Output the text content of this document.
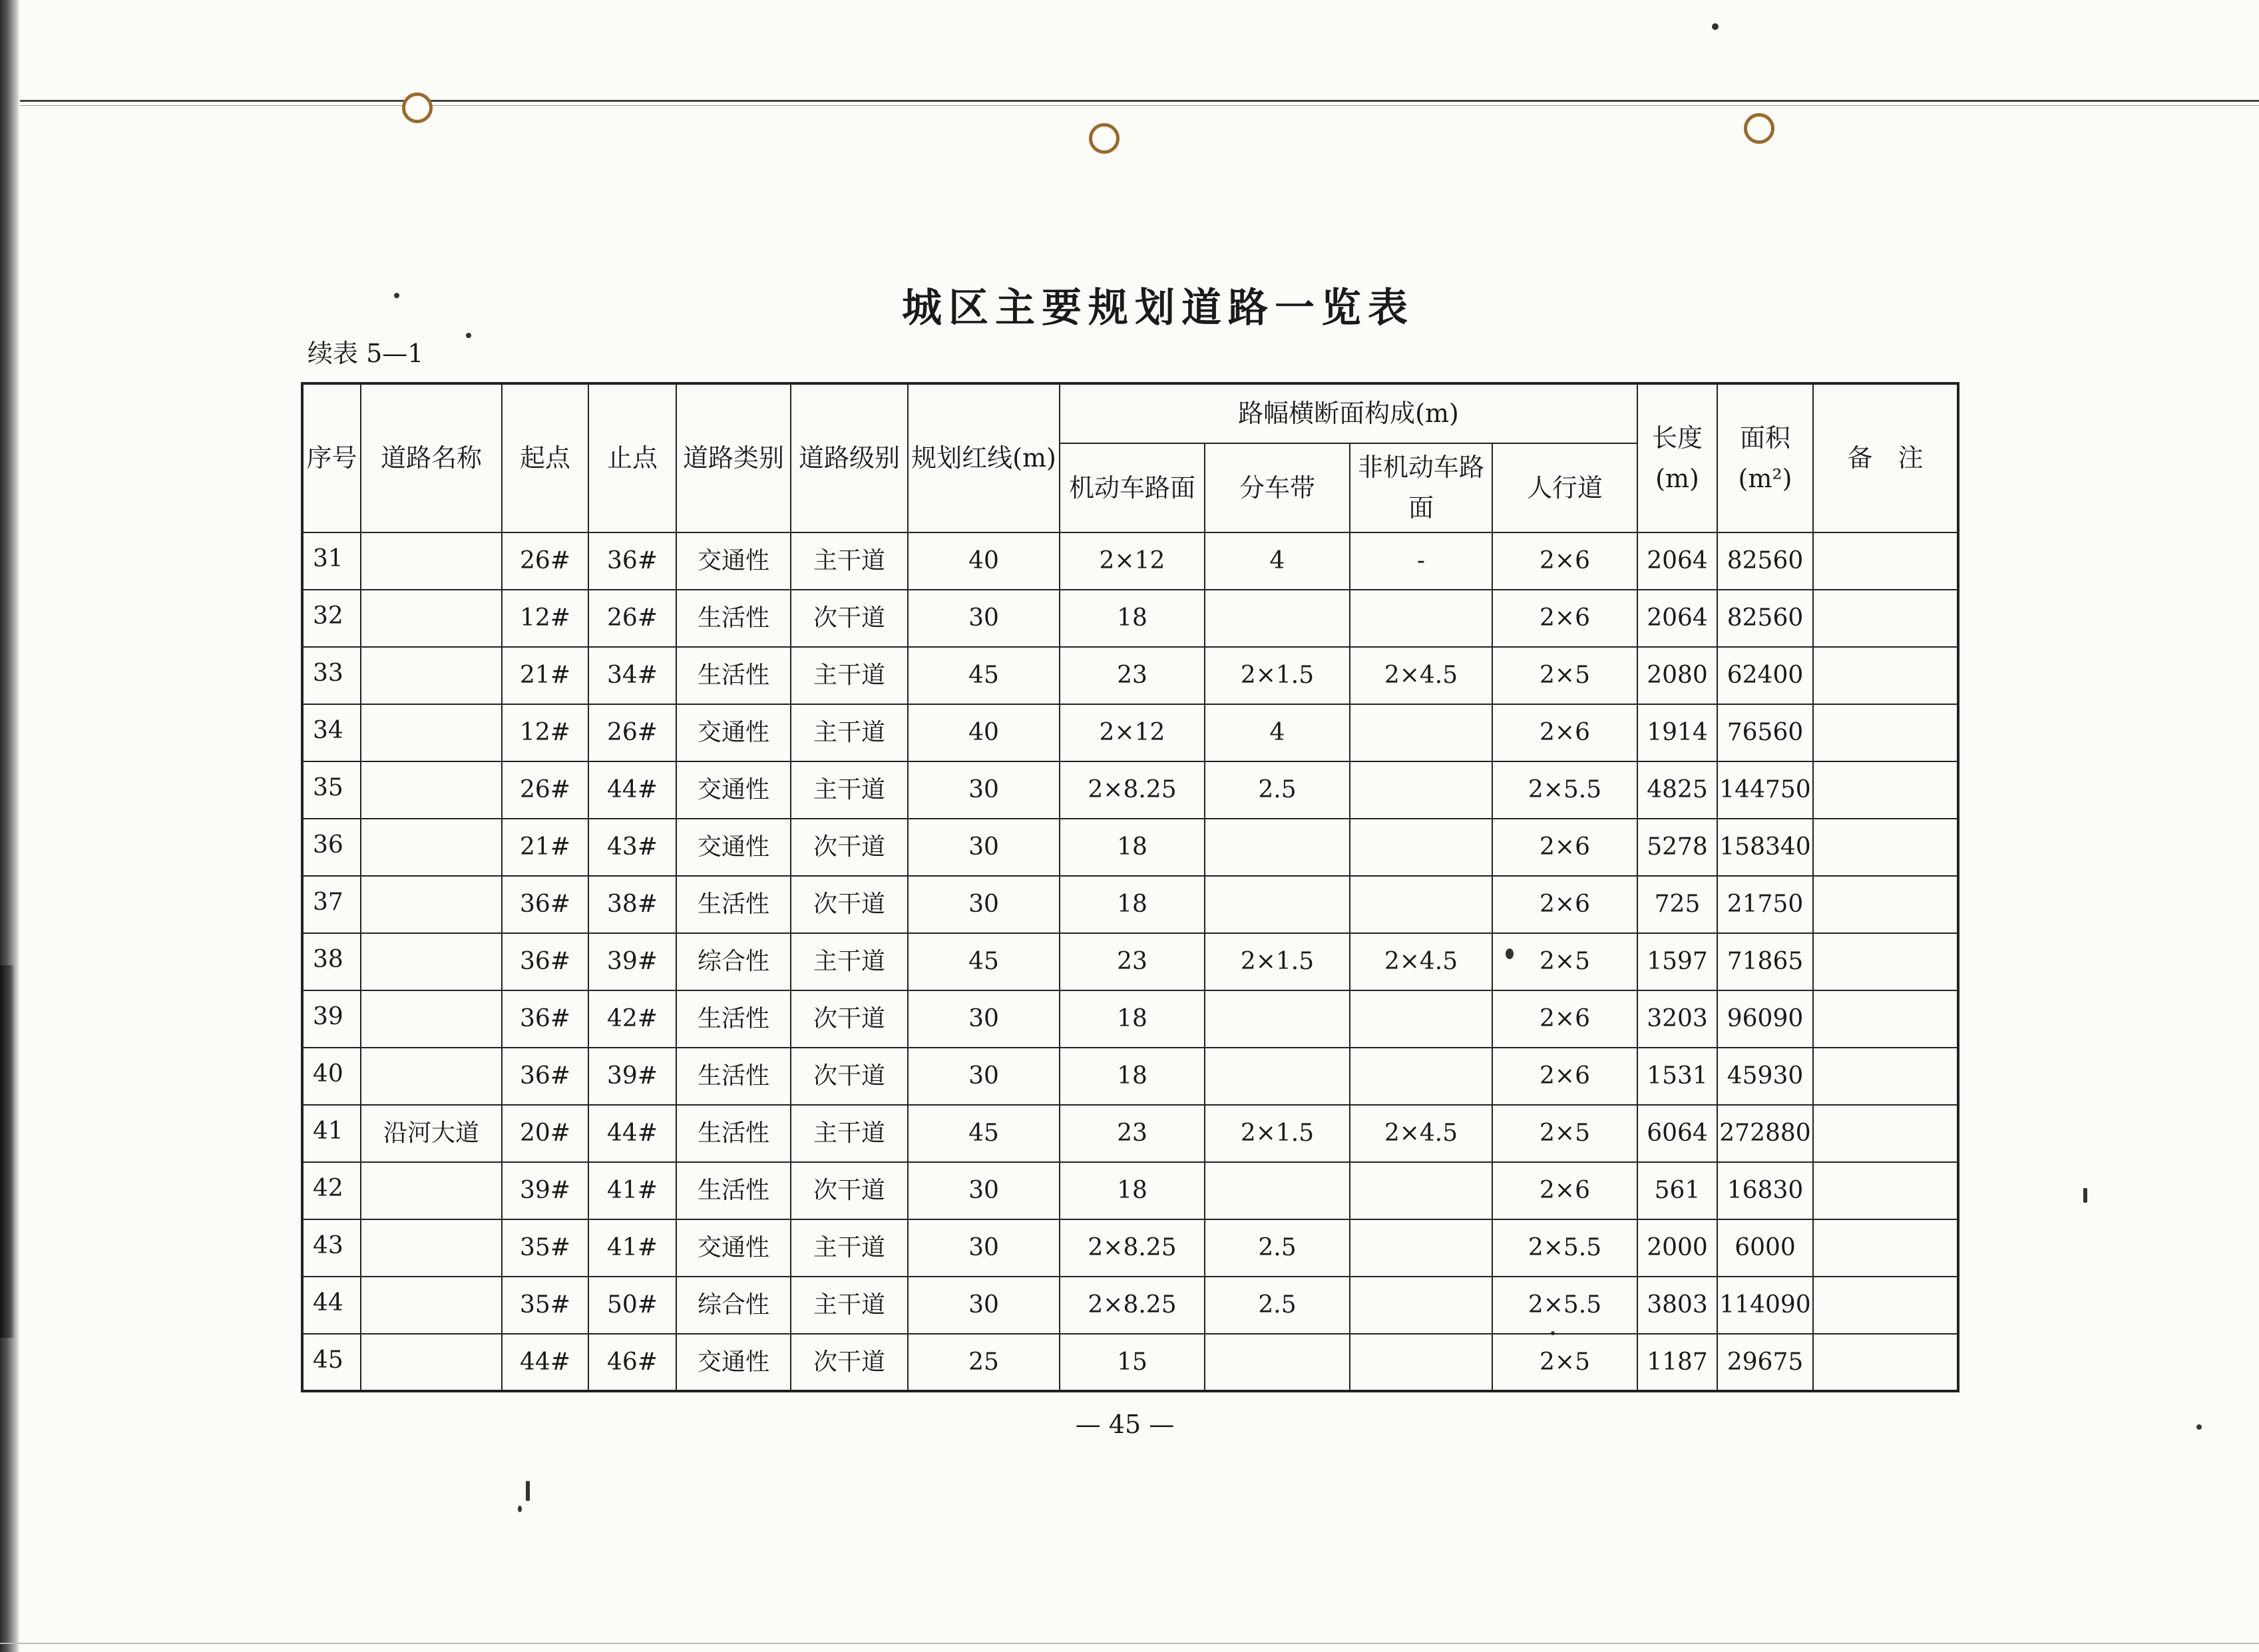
城区主要规划道路一览表
续表 5—1
序号	道路名称	起点	止点	道路类别	道路级别	规划红线(m)	路幅横断面构成(m)				长度(m)	面积(m²)	备　注
							机动车路面	分车带	非机动车路面	人行道			
31		26#	36#	交通性	主干道	40	2×12	4	-	2×6	2064	82560	
32		12#	26#	生活性	次干道	30	18			2×6	2064	82560	
33		21#	34#	生活性	主干道	45	23	2×1.5	2×4.5	2×5	2080	62400	
34		12#	26#	交通性	主干道	40	2×12	4		2×6	1914	76560	
35		26#	44#	交通性	主干道	30	2×8.25	2.5		2×5.5	4825	144750	
36		21#	43#	交通性	次干道	30	18			2×6	5278	158340	
37		36#	38#	生活性	次干道	30	18			2×6	725	21750	
38		36#	39#	综合性	主干道	45	23	2×1.5	2×4.5	2×5	1597	71865	
39		36#	42#	生活性	次干道	30	18			2×6	3203	96090	
40		36#	39#	生活性	次干道	30	18			2×6	1531	45930	
41	沿河大道	20#	44#	生活性	主干道	45	23	2×1.5	2×4.5	2×5	6064	272880	
42		39#	41#	生活性	次干道	30	18			2×6	561	16830	
43		35#	41#	交通性	主干道	30	2×8.25	2.5		2×5.5	2000	6000	
44		35#	50#	综合性	主干道	30	2×8.25	2.5		2×5.5	3803	114090	
45		44#	46#	交通性	次干道	25	15			2×5	1187	29675	
— 45 —
